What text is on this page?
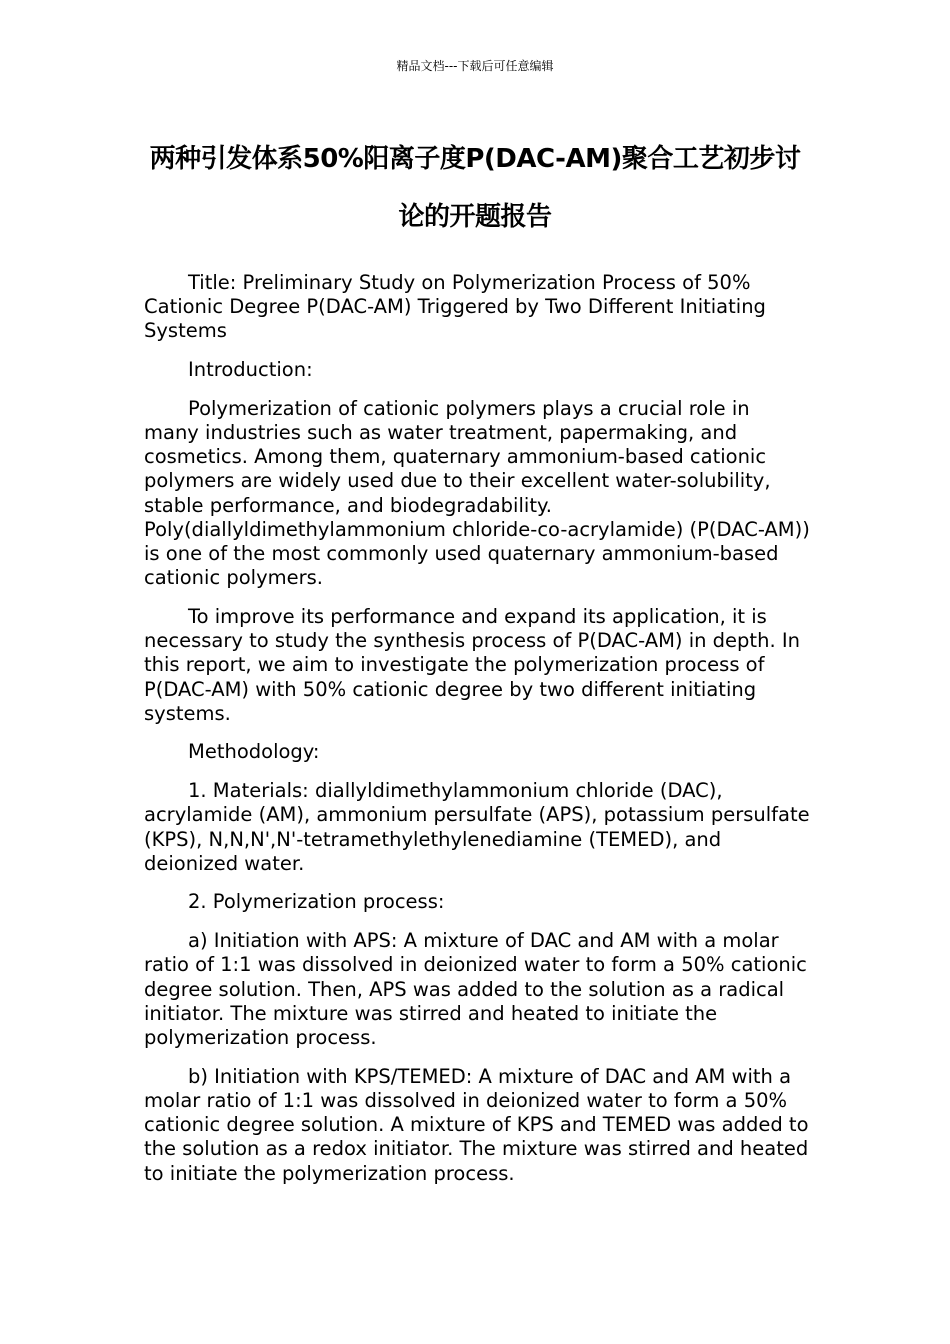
精品文档---下载后可任意编辑
两种引发体系50%阳离子度P(DAC-AM)聚合工艺初步讨论的开题报告

Title: Preliminary Study on Polymerization Process of 50% Cationic Degree P(DAC-AM) Triggered by Two Different Initiating Systems

Introduction:

Polymerization of cationic polymers plays a crucial role in many industries such as water treatment, papermaking, and cosmetics. Among them, quaternary ammonium-based cationic polymers are widely used due to their excellent water-solubility, stable performance, and biodegradability. Poly(diallyldimethylammonium chloride-co-acrylamide) (P(DAC-AM)) is one of the most commonly used quaternary ammonium-based cationic polymers.

To improve its performance and expand its application, it is necessary to study the synthesis process of P(DAC-AM) in depth. In this report, we aim to investigate the polymerization process of P(DAC-AM) with 50% cationic degree by two different initiating systems.

Methodology:

1. Materials: diallyldimethylammonium chloride (DAC), acrylamide (AM), ammonium persulfate (APS), potassium persulfate (KPS), N,N,N',N'-tetramethylethylenediamine (TEMED), and deionized water.

2. Polymerization process:

a) Initiation with APS: A mixture of DAC and AM with a molar ratio of 1:1 was dissolved in deionized water to form a 50% cationic degree solution. Then, APS was added to the solution as a radical initiator. The mixture was stirred and heated to initiate the polymerization process.

b) Initiation with KPS/TEMED: A mixture of DAC and AM with a molar ratio of 1:1 was dissolved in deionized water to form a 50% cationic degree solution. A mixture of KPS and TEMED was added to the solution as a redox initiator. The mixture was stirred and heated to initiate the polymerization process.
